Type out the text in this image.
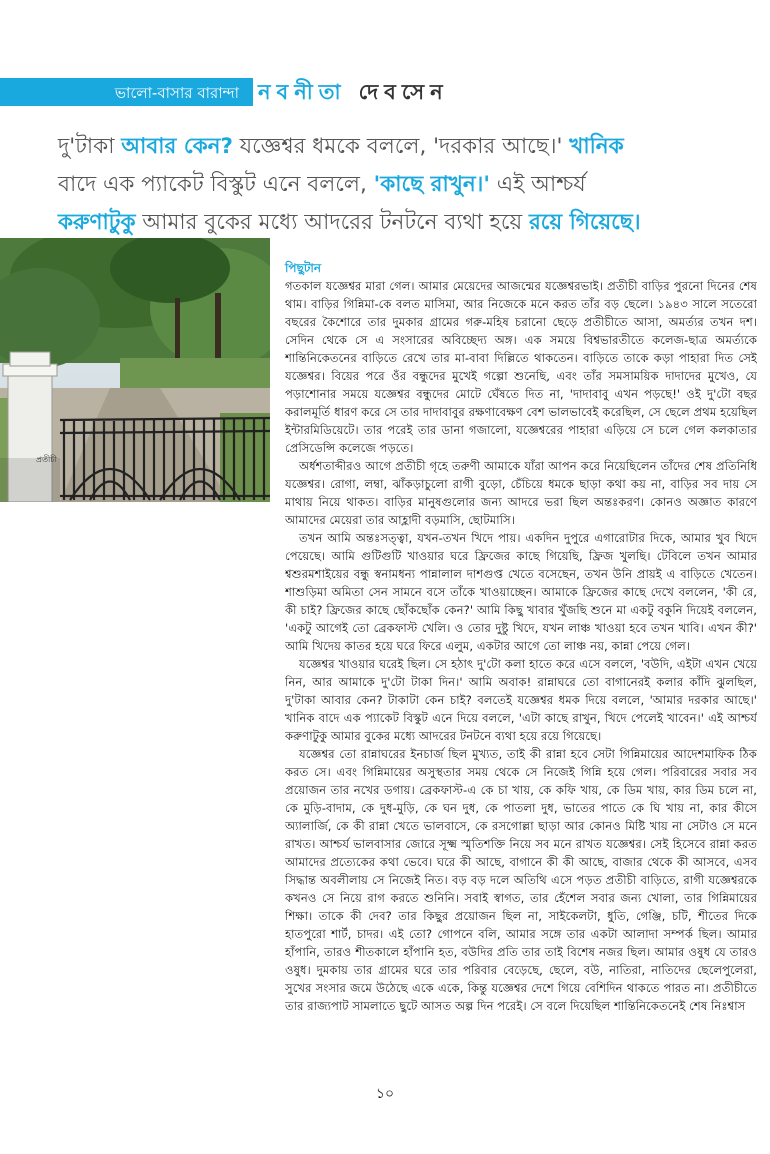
ভালো-বাসার বারান্দা নবনীতা দেবসেন

দু'টাকা আবার কেন? যজ্ঞেশ্বর ধমকে বললে, 'দরকার আছে।' খানিক

বাদে এক প্যাকেট বিস্কুট এনে বললে, 'কাছে রাখুন।' এই আশ্চর্য

করুণাটুকু আমার বুকের মধ্যে আদরের টনটনে ব্যথা হয়ে রয়ে গিয়েছে।

প্রতীচী
পিছুটান

গতকাল যজ্ঞেশ্বর মারা গেল। আমার মেয়েদের আজন্মের যজ্ঞেশ্বরভাই। প্রতীচী বাড়ির পুরনো দিনের শেষ থাম। বাড়ির গিন্নিমা-কে বলত মাসিমা, আর নিজেকে মনে করত তাঁর বড় ছেলে। ১৯৪৩ সালে সতেরো বছরের কৈশোরে তার দুমকার গ্রামের গরু-মহিষ চরানো ছেড়ে প্রতীচীতে আসা, অমর্ত্যর তখন দশ। সেদিন থেকে সে এ সংসারের অবিচ্ছেদ্য অঙ্গ। এক সময়ে বিশ্বভারতীতে কলেজ-ছাত্র অমর্ত্যকে শান্তিনিকেতনের বাড়িতে রেখে তার মা-বাবা দিল্লিতে থাকতেন। বাড়িতে তাকে কড়া পাহারা দিত সেই যজ্ঞেশ্বর। বিয়ের পরে ওঁর বন্ধুদের মুখেই গল্পো শুনেছি, এবং তাঁর সমসাময়িক দাদাদের মুখেও, যে পড়াশোনার সময়ে যজ্ঞেশ্বর বন্ধুদের মোটে ঘেঁষতে দিত না, 'দাদাবাবু এখন পড়ছে!' ওই দু'টো বছর করালমূর্তি ধারণ করে সে তার দাদাবাবুর রক্ষণাবেক্ষণ বেশ ভালভাবেই করেছিল, সে ছেলে প্রথম হয়েছিল ইন্টারমিডিয়েটে। তার পরেই তার ডানা গজালো, যজ্ঞেশ্বরের পাহারা এড়িয়ে সে চলে গেল কলকাতার প্রেসিডেন্সি কলেজে পড়তে।

অর্ধশতাব্দীরও আগে প্রতীচী গৃহে তরুণী আমাকে যাঁরা আপন করে নিয়েছিলেন তাঁদের শেষ প্রতিনিধি যজ্ঞেশ্বর। রোগা, লম্বা, ঝাঁকড়াচুলো রাগী বুড়ো, চেঁচিয়ে ধমকে ছাড়া কথা কয় না, বাড়ির সব দায় সে মাথায় নিয়ে থাকত। বাড়ির মানুষগুলোর জন্য আদরে ভরা ছিল অন্তঃকরণ। কোনও অজ্ঞাত কারণে আমাদের মেয়েরা তার আহ্লাদী বড়মাসি, ছোটমাসি।

তখন আমি অন্তঃসত্ত্বা, যখন-তখন খিদে পায়। একদিন দুপুরে এগারোটার দিকে, আমার খুব খিদে পেয়েছে। আমি গুটিগুটি খাওয়ার ঘরে ফ্রিজের কাছে গিয়েছি, ফ্রিজ খুলছি। টেবিলে তখন আমার শ্বশুরমশাইয়ের বন্ধু স্বনামধন্য পান্নালাল দাশগুপ্ত খেতে বসেছেন, তখন উনি প্রায়ই এ বাড়িতে খেতেন। শাশুড়িমা অমিতা সেন সামনে বসে তাঁকে খাওয়াচ্ছেন। আমাকে ফ্রিজের কাছে দেখে বললেন, 'কী রে, কী চাই? ফ্রিজের কাছে ছোঁকছোঁক কেন?' আমি কিছু খাবার খুঁজছি শুনে মা একটু বকুনি দিয়েই বললেন, 'একটু আগেই তো ব্রেকফাস্ট খেলি। ও তোর দুষ্টু খিদে, যখন লাঞ্চ খাওয়া হবে তখন খাবি। এখন কী?' আমি খিদেয় কাতর হয়ে ঘরে ফিরে এলুম, একটার আগে তো লাঞ্চ নয়, কান্না পেয়ে গেল।

যজ্ঞেশ্বর খাওয়ার ঘরেই ছিল। সে হঠাৎ দু'টো কলা হাতে করে এসে বললে, 'বউদি, এইটা এখন খেয়ে নিন, আর আমাকে দু'টো টাকা দিন।' আমি অবাক! রান্নাঘরে তো বাগানেরই কলার কাঁদি ঝুলছিল, দু'টাকা আবার কেন? টাকাটা কেন চাই? বলতেই যজ্ঞেশ্বর ধমক দিয়ে বললে, 'আমার দরকার আছে।' খানিক বাদে এক প্যাকেট বিস্কুট এনে দিয়ে বললে, 'এটা কাছে রাখুন, খিদে পেলেই খাবেন।' এই আশ্চর্য করুণাটুকু আমার বুকের মধ্যে আদরের টনটনে ব্যথা হয়ে রয়ে গিয়েছে।

যজ্ঞেশ্বর তো রান্নাঘরের ইনচার্জ ছিল মুখ্যত, তাই কী রান্না হবে সেটা গিন্নিমায়ের আদেশমাফিক ঠিক করত সে। এবং গিন্নিমায়ের অসুস্থতার সময় থেকে সে নিজেই গিন্নি হয়ে গেল। পরিবারের সবার সব প্রয়োজন তার নখের ডগায়। ব্রেকফাস্ট-এ কে চা খায়, কে কফি খায়, কে ডিম খায়, কার ডিম চলে না, কে মুড়ি-বাদাম, কে দুধ-মুড়ি, কে ঘন দুধ, কে পাতলা দুধ, ভাতের পাতে কে ঘি খায় না, কার কীসে অ্যালার্জি, কে কী রান্না খেতে ভালবাসে, কে রসগোল্লা ছাড়া আর কোনও মিষ্টি খায় না সেটাও সে মনে রাখত। আশ্চর্য ভালবাসার জোরে সূক্ষ্ম স্মৃতিশক্তি নিয়ে সব মনে রাখত যজ্ঞেশ্বর। সেই হিসেবে রান্না করত আমাদের প্রত্যেকের কথা ভেবে। ঘরে কী আছে, বাগানে কী কী আছে, বাজার থেকে কী আসবে, এসব সিদ্ধান্ত অবলীলায় সে নিজেই নিত। বড় বড় দলে অতিথি এসে পড়ত প্রতীচী বাড়িতে, রাগী যজ্ঞেশ্বরকে কখনও সে নিয়ে রাগ করতে শুনিনি। সবাই স্বাগত, তার হেঁশেল সবার জন্য খোলা, তার গিন্নিমায়ের শিক্ষা। তাকে কী দেব? তার কিছুর প্রয়োজন ছিল না, সাইকেলটা, ধুতি, গেঞ্জি, চটি, শীতের দিকে হাতপুরো শার্ট, চাদর। এই তো? গোপনে বলি, আমার সঙ্গে তার একটা আলাদা সম্পর্ক ছিল। আমার হাঁপানি, তারও শীতকালে হাঁপানি হত, বউদির প্রতি তার তাই বিশেষ নজর ছিল। আমার ওষুধ যে তারও ওষুধ। দুমকায় তার গ্রামের ঘরে তার পরিবার বেড়েছে, ছেলে, বউ, নাতিরা, নাতিদের ছেলেপুলেরা, সুখের সংসার জমে উঠেছে একে একে, কিন্তু যজ্ঞেশ্বর দেশে গিয়ে বেশিদিন থাকতে পারত না। প্রতীচীতে তার রাজ্যপাট সামলাতে ছুটে আসত অল্প দিন পরেই। সে বলে দিয়েছিল শান্তিনিকেতনেই শেষ নিঃশ্বাস

১০
